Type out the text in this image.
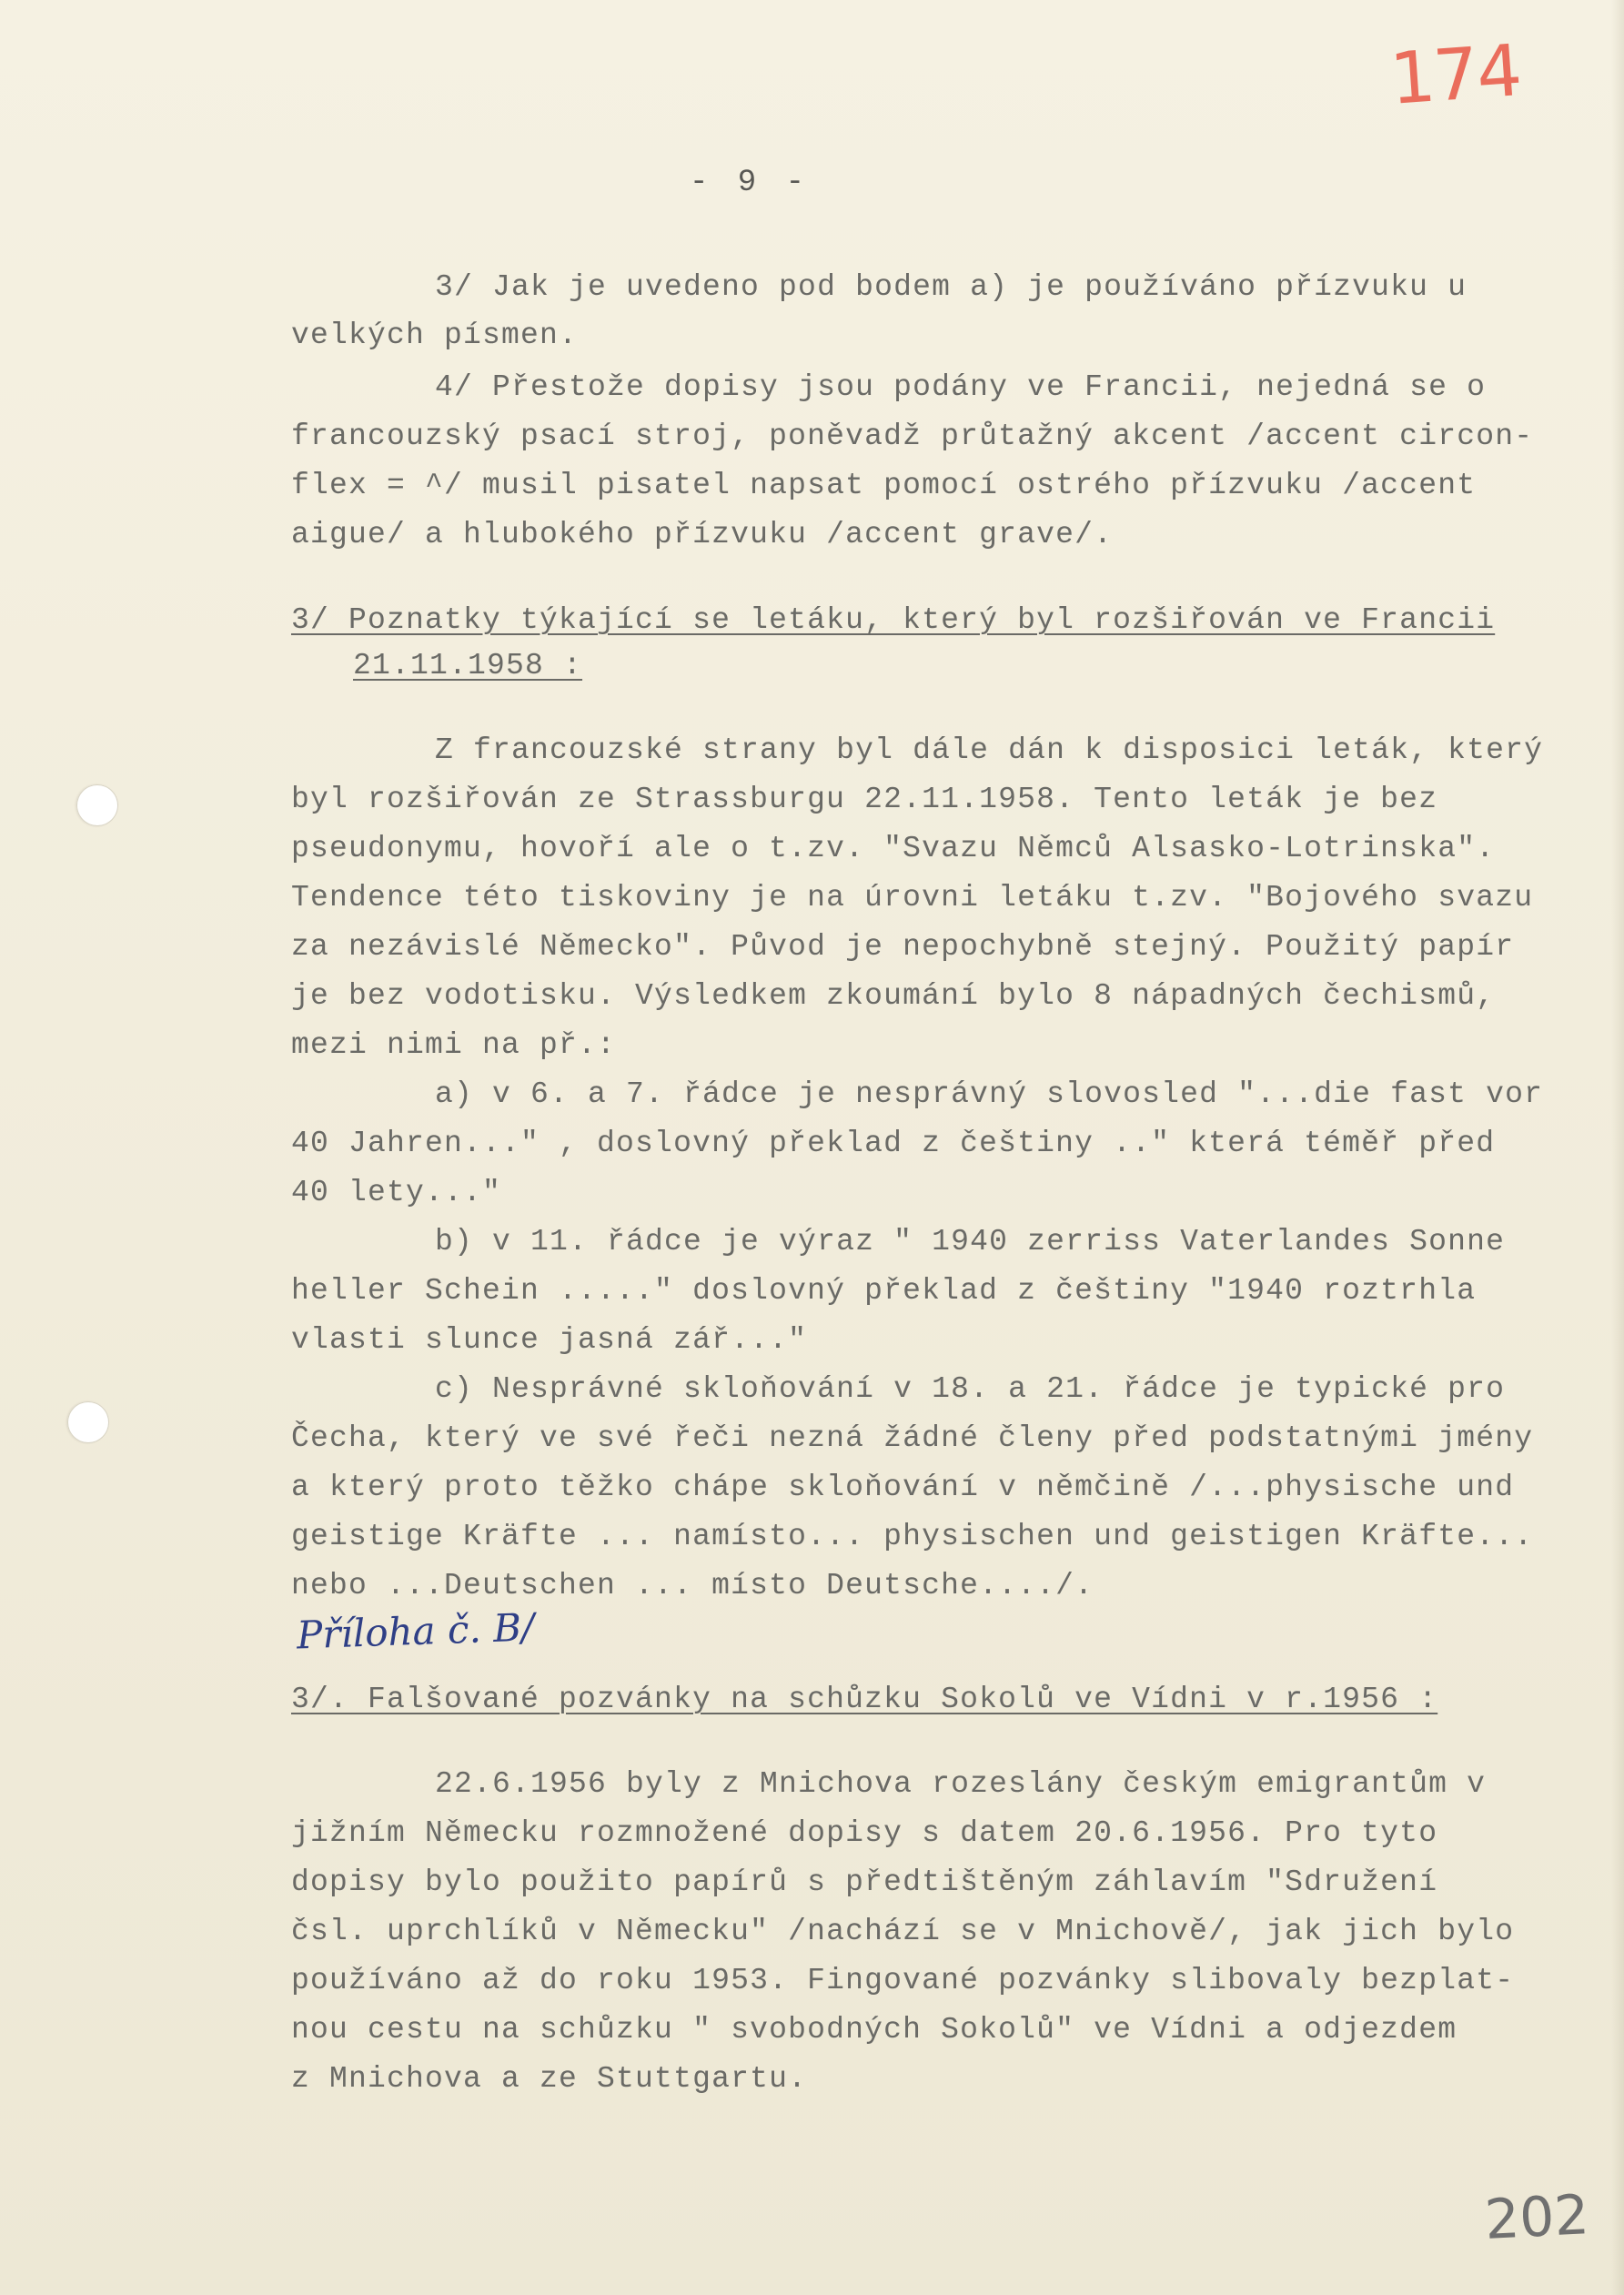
174
- 9 -
3/ Jak je uvedeno pod bodem a) je používáno přízvuku u
velkých písmen.
4/ Přestože dopisy jsou podány ve Francii, nejedná se o
francouzský psací stroj, poněvadž průtažný akcent /accent circon-
flex = ^/ musil pisatel napsat pomocí ostrého přízvuku /accent
aigue/ a hlubokého přízvuku /accent grave/.
3/ Poznatky týkající se letáku, který byl rozšiřován ve Francii
21.11.1958 :
Z francouzské strany byl dále dán k disposici leták, který
byl rozšiřován ze Strassburgu 22.11.1958. Tento leták je bez
pseudonymu, hovoří ale o t.zv. "Svazu Němců Alsasko-Lotrinska".
Tendence této tiskoviny je na úrovni letáku t.zv. "Bojového svazu
za nezávislé Německo". Původ je nepochybně stejný. Použitý papír
je bez vodotisku. Výsledkem zkoumání bylo 8 nápadných čechismů,
mezi nimi na př.:
a) v 6. a 7. řádce je nesprávný slovosled "...die fast vor
40 Jahren..." , doslovný překlad z češtiny .." která téměř před
40 lety..."
b) v 11. řádce je výraz " 1940 zerriss Vaterlandes Sonne
heller Schein ....." doslovný překlad z češtiny "1940 roztrhla
vlasti slunce jasná zář..."
c) Nesprávné skloňování v 18. a 21. řádce je typické pro
Čecha, který ve své řeči nezná žádné členy před podstatnými jmény
a který proto těžko chápe skloňování v němčině /...physische und
geistige Kräfte ... namísto... physischen und geistigen Kräfte...
nebo ...Deutschen ... místo Deutsche..../.
Příloha č. B/
3/. Falšované pozvánky na schůzku Sokolů ve Vídni v r.1956 :
22.6.1956 byly z Mnichova rozeslány českým emigrantům v
jižním Německu rozmnožené dopisy s datem 20.6.1956. Pro tyto
dopisy bylo použito papírů s předtištěným záhlavím "Sdružení
čsl. uprchlíků v Německu" /nachází se v Mnichově/, jak jich bylo
používáno až do roku 1953. Fingované pozvánky slibovaly bezplat-
nou cestu na schůzku " svobodných Sokolů" ve Vídni a odjezdem
z Mnichova a ze Stuttgartu.
202
